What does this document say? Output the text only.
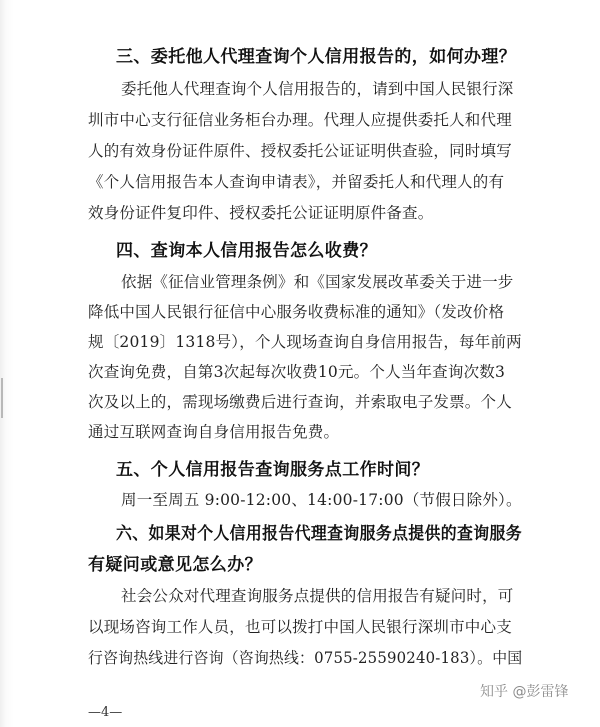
三、委托他人代理查询个人信用报告的，如何办理？
委托他人代理查询个人信用报告的，请到中国人民银行深
圳市中心支行征信业务柜台办理。代理人应提供委托人和代理
人的有效身份证件原件、授权委托公证证明供查验，同时填写
《个人信用报告本人查询申请表》，并留委托人和代理人的有
效身份证件复印件、授权委托公证证明原件备查。
四、查询本人信用报告怎么收费？
依据《征信业管理条例》和《国家发展改革委关于进一步
降低中国人民银行征信中心服务收费标准的通知》（发改价格
规〔2019〕1318号），个人现场查询自身信用报告，每年前两
次查询免费，自第3次起每次收费10元。个人当年查询次数3
次及以上的，需现场缴费后进行查询，并索取电子发票。个人
通过互联网查询自身信用报告免费。
五、个人信用报告查询服务点工作时间？
周一至周五 9:00-12:00、14:00-17:00（节假日除外）。
六、如果对个人信用报告代理查询服务点提供的查询服务
有疑问或意见怎么办？
社会公众对代理查询服务点提供的信用报告有疑问时，可
以现场咨询工作人员，也可以拨打中国人民银行深圳市中心支
行咨询热线进行咨询（咨询热线：0755-25590240-183）。中国
—4—
知乎 @彭雷锋
